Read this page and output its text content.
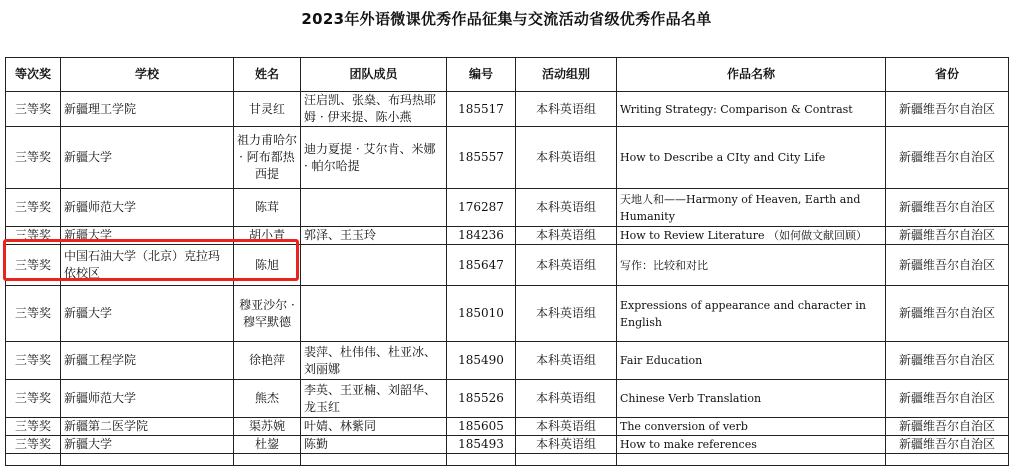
2023年外语微课优秀作品征集与交流活动省级优秀作品名单
等次奖	学校	姓名	团队成员	编号	活动组别	作品名称	省份
三等奖	新疆理工学院	甘灵红	汪启凯、张燊、布玛热耶姆 · 伊来提、陈小燕	185517	本科英语组	Writing Strategy: Comparison & Contrast	新疆维吾尔自治区
三等奖	新疆大学	祖力甫哈尔 · 阿布都热西提	迪力夏提 · 艾尔肯、米娜 · 帕尔哈提	185557	本科英语组	How to Describe a CIty and City Life	新疆维吾尔自治区
三等奖	新疆师范大学	陈茸		176287	本科英语组	天地人和——Harmony of Heaven, Earth and Humanity	新疆维吾尔自治区
三等奖	新疆大学	胡小青	郭泽、王玉玲	184236	本科英语组	How to Review Literature （如何做文献回顾）	新疆维吾尔自治区
三等奖	中国石油大学（北京）克拉玛依校区	陈旭		185647	本科英语组	写作：比较和对比	新疆维吾尔自治区
三等奖	新疆大学	穆亚沙尔 · 穆罕默德		185010	本科英语组	Expressions of appearance and character in English	新疆维吾尔自治区
三等奖	新疆工程学院	徐艳萍	裴萍、杜伟伟、杜亚冰、刘丽娜	185490	本科英语组	Fair Education	新疆维吾尔自治区
三等奖	新疆师范大学	熊杰	李英、王亚楠、刘韶华、龙玉红	185526	本科英语组	Chinese Verb Translation	新疆维吾尔自治区
三等奖	新疆第二医学院	渠苏婉	叶婧、林紫同	185605	本科英语组	The conversion of verb	新疆维吾尔自治区
三等奖	新疆大学	杜鋆	陈勤	185493	本科英语组	How to make references	新疆维吾尔自治区
